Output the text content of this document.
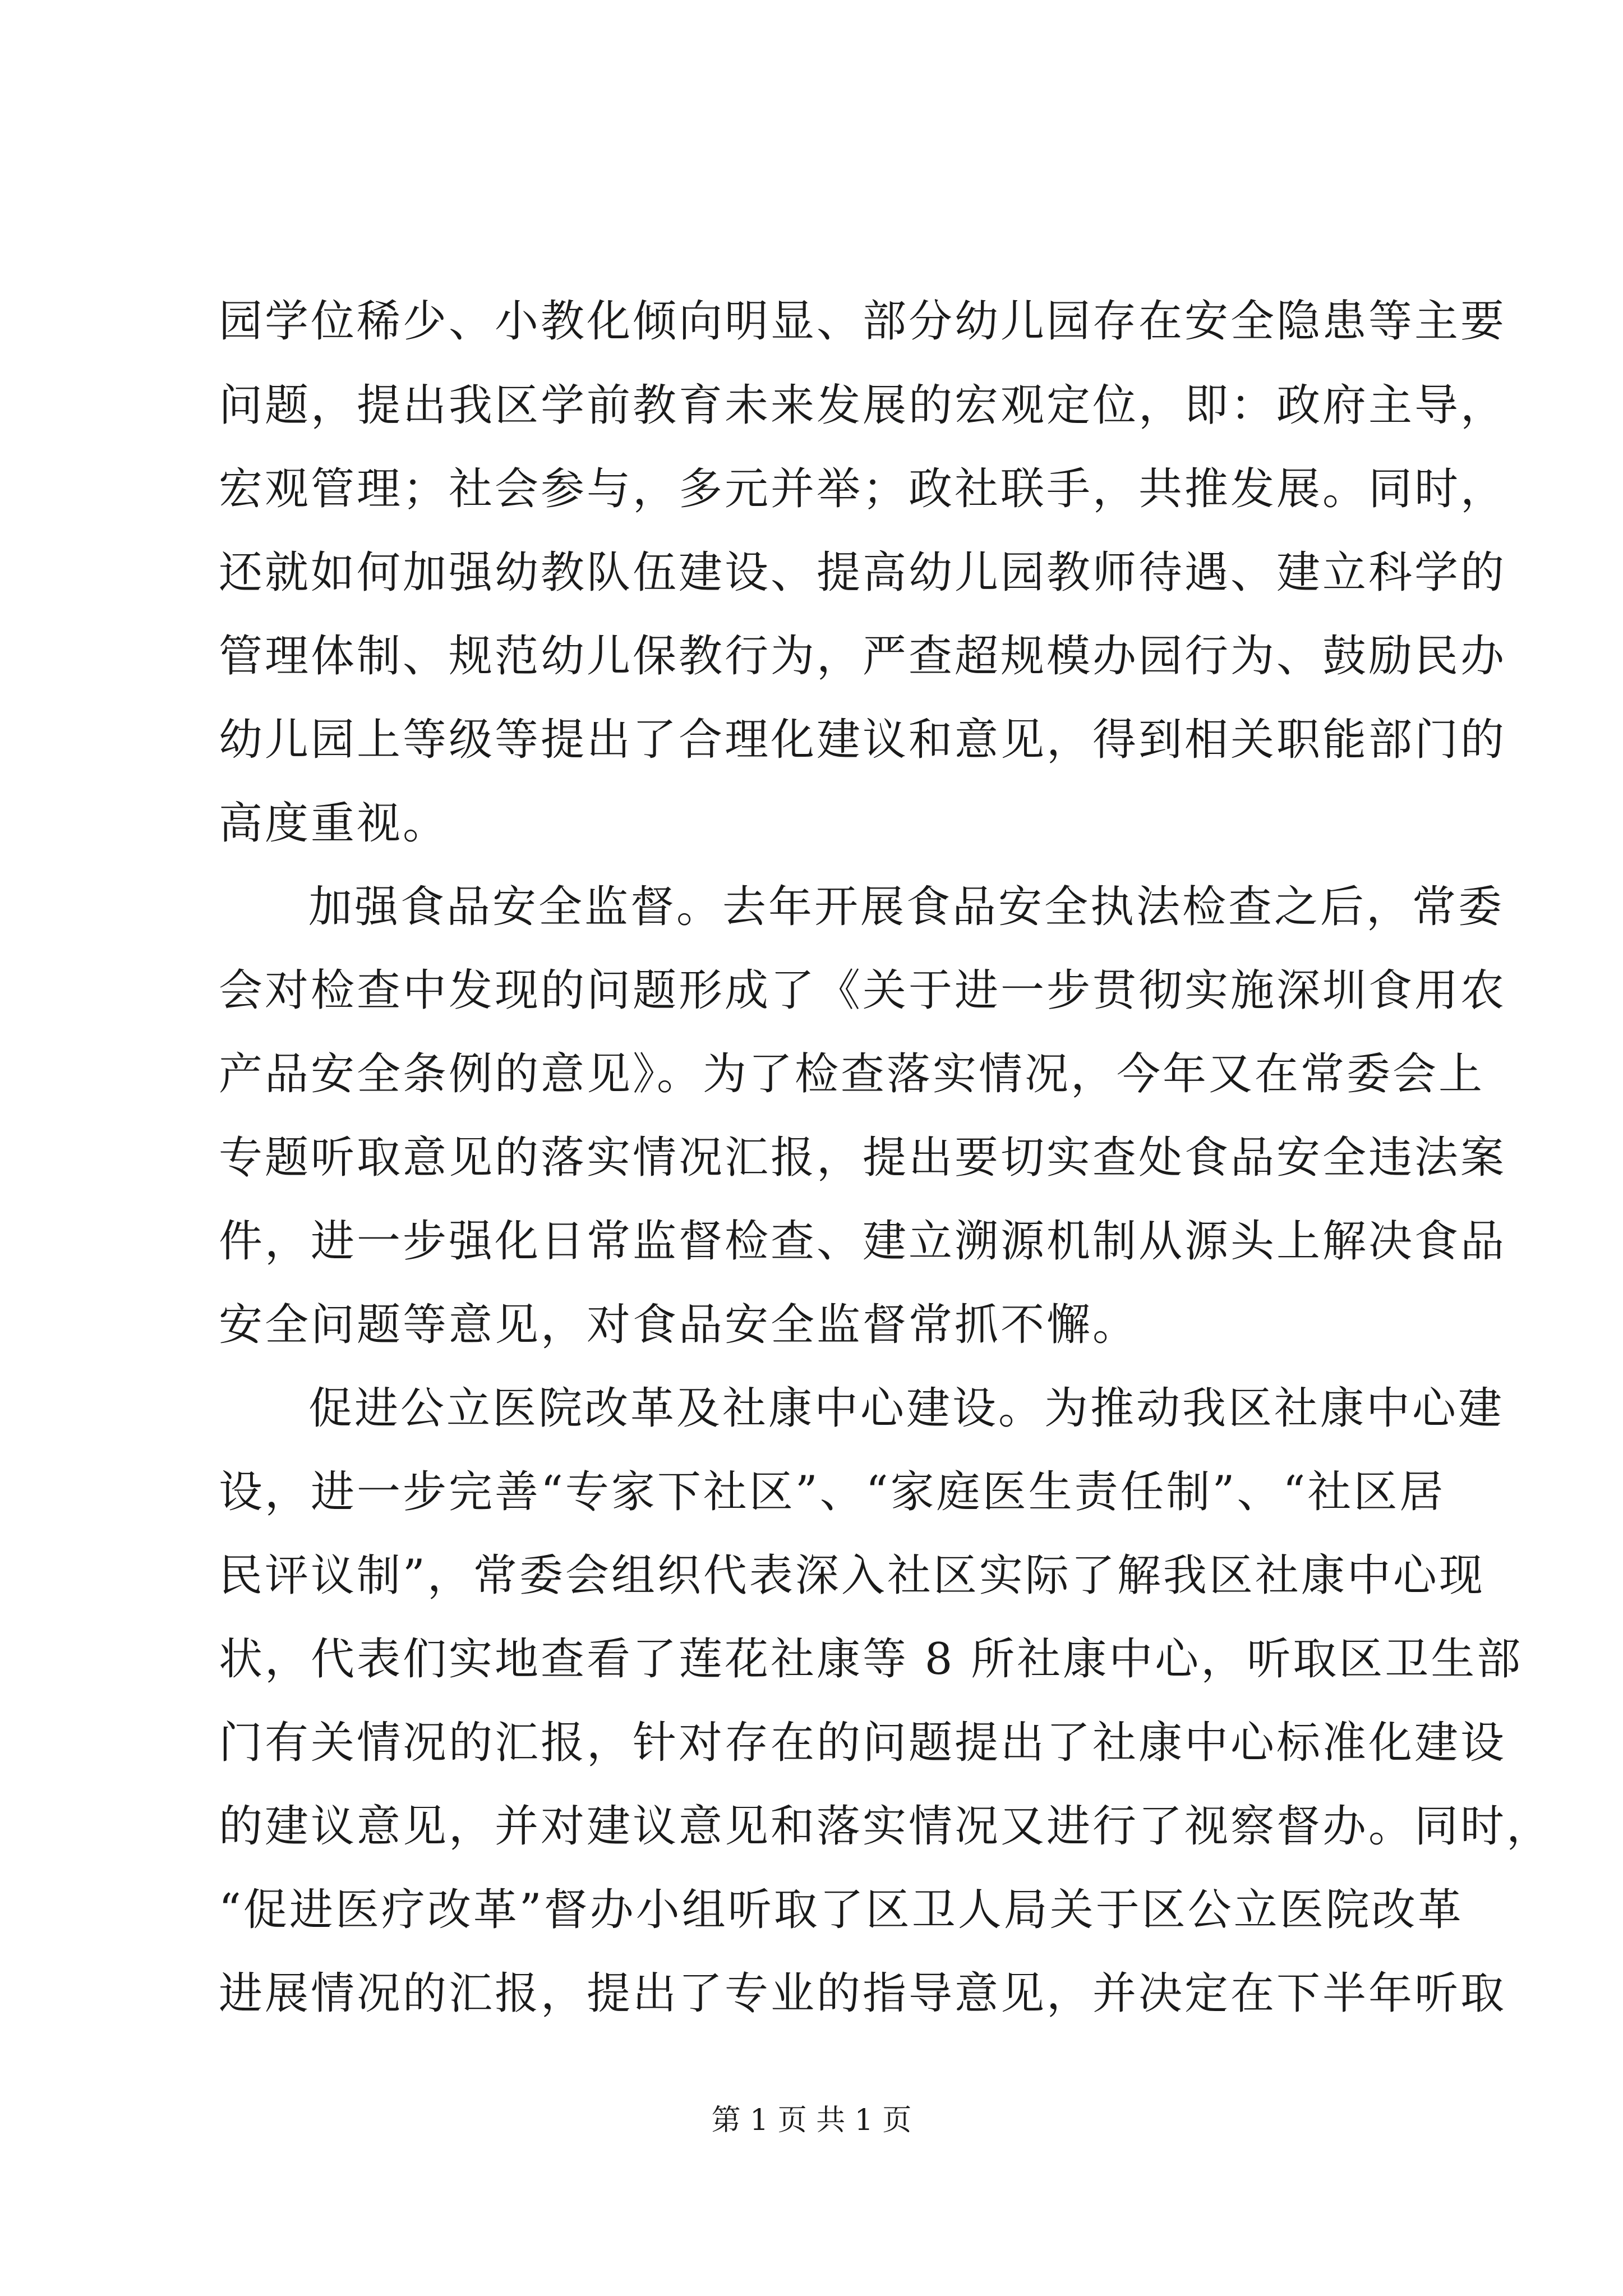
园学位稀少、小教化倾向明显、部分幼儿园存在安全隐患等主要
问题，提出我区学前教育未来发展的宏观定位，即：政府主导，
宏观管理；社会参与，多元并举；政社联手，共推发展。同时，
还就如何加强幼教队伍建设、提高幼儿园教师待遇、建立科学的
管理体制、规范幼儿保教行为，严查超规模办园行为、鼓励民办
幼儿园上等级等提出了合理化建议和意见，得到相关职能部门的
高度重视。
加强食品安全监督。去年开展食品安全执法检查之后，常委
会对检查中发现的问题形成了《关于进一步贯彻实施深圳食用农
产品安全条例的意见》。为了检查落实情况，今年又在常委会上
专题听取意见的落实情况汇报，提出要切实查处食品安全违法案
件，进一步强化日常监督检查、建立溯源机制从源头上解决食品
安全问题等意见，对食品安全监督常抓不懈。
促进公立医院改革及社康中心建设。为推动我区社康中心建
设，进一步完善“专家下社区”、“家庭医生责任制”、“社区居
民评议制”，常委会组织代表深入社区实际了解我区社康中心现
状，代表们实地查看了莲花社康等 8 所社康中心，听取区卫生部
门有关情况的汇报，针对存在的问题提出了社康中心标准化建设
的建议意见，并对建议意见和落实情况又进行了视察督办。同时，
“促进医疗改革”督办小组听取了区卫人局关于区公立医院改革
进展情况的汇报，提出了专业的指导意见，并决定在下半年听取
第 1 页 共 1 页
